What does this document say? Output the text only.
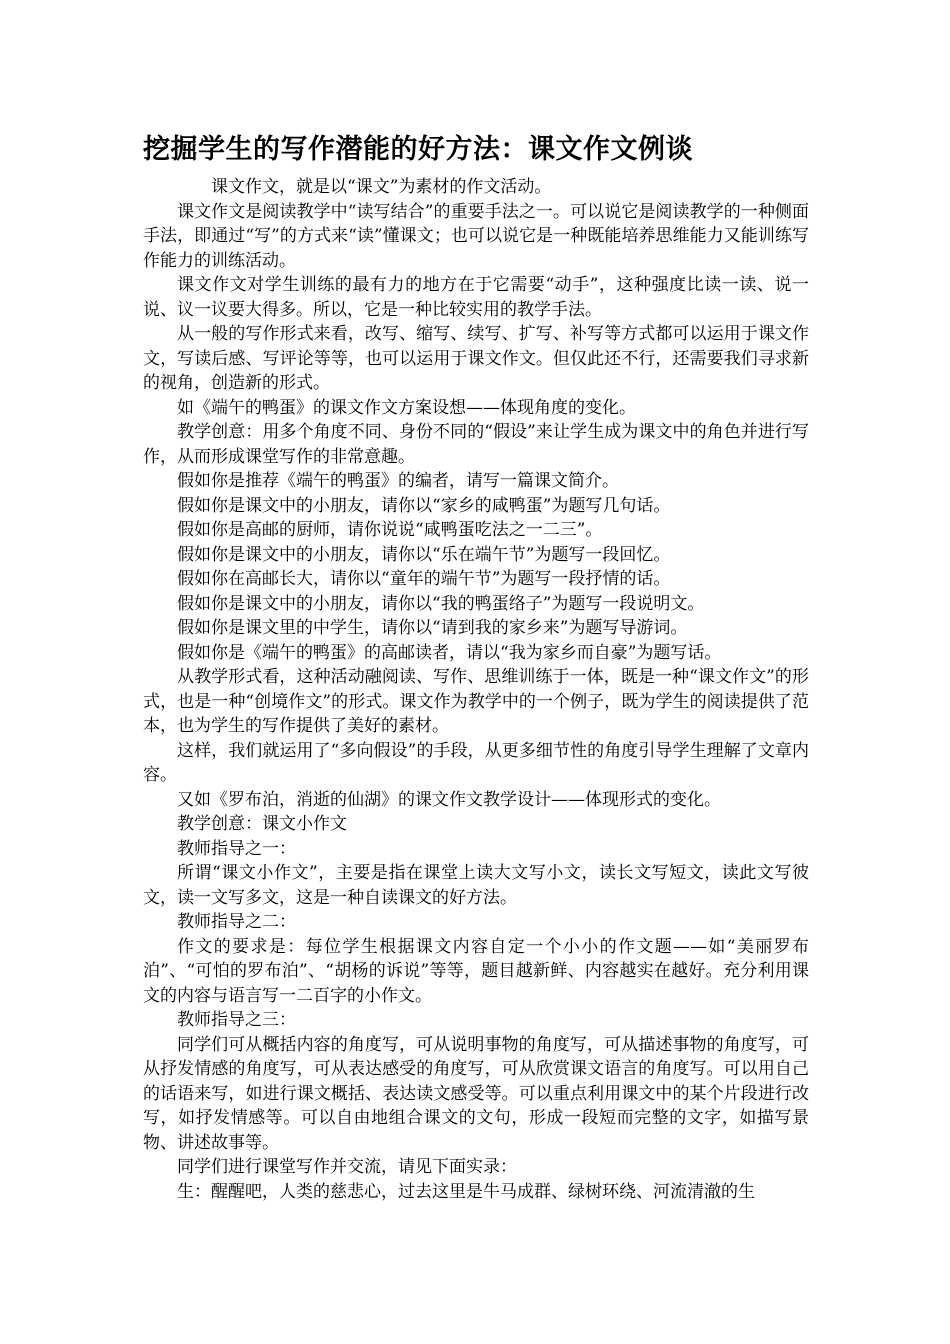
挖掘学生的写作潜能的好方法：课文作文例谈

课文作文，就是以“课文”为素材的作文活动。

课文作文是阅读教学中“读写结合”的重要手法之一。可以说它是阅读教学的一种侧面手法，即通过“写”的方式来“读”懂课文；也可以说它是一种既能培养思维能力又能训练写作能力的训练活动。

课文作文对学生训练的最有力的地方在于它需要“动手”，这种强度比读一读、说一说、议一议要大得多。所以，它是一种比较实用的教学手法。

从一般的写作形式来看，改写、缩写、续写、扩写、补写等方式都可以运用于课文作文，写读后感、写评论等等，也可以运用于课文作文。但仅此还不行，还需要我们寻求新的视角，创造新的形式。

如《端午的鸭蛋》的课文作文方案设想——体现角度的变化。

教学创意：用多个角度不同、身份不同的“假设”来让学生成为课文中的角色并进行写作，从而形成课堂写作的非常意趣。

假如你是推荐《端午的鸭蛋》的编者，请写一篇课文简介。

假如你是课文中的小朋友，请你以“家乡的咸鸭蛋”为题写几句话。

假如你是高邮的厨师，请你说说“咸鸭蛋吃法之一二三”。

假如你是课文中的小朋友，请你以“乐在端午节”为题写一段回忆。

假如你在高邮长大，请你以“童年的端午节”为题写一段抒情的话。

假如你是课文中的小朋友，请你以“我的鸭蛋络子”为题写一段说明文。

假如你是课文里的中学生，请你以“请到我的家乡来”为题写导游词。

假如你是《端午的鸭蛋》的高邮读者，请以“我为家乡而自豪”为题写话。

从教学形式看，这种活动融阅读、写作、思维训练于一体，既是一种“课文作文”的形式，也是一种“创境作文”的形式。课文作为教学中的一个例子，既为学生的阅读提供了范本，也为学生的写作提供了美好的素材。

这样，我们就运用了“多向假设”的手段，从更多细节性的角度引导学生理解了文章内容。

又如《罗布泊，消逝的仙湖》的课文作文教学设计——体现形式的变化。

教学创意：课文小作文

教师指导之一：

所谓“课文小作文”，主要是指在课堂上读大文写小文，读长文写短文，读此文写彼文，读一文写多文，这是一种自读课文的好方法。

教师指导之二：

作文的要求是：每位学生根据课文内容自定一个小小的作文题——如“美丽罗布泊”、“可怕的罗布泊”、“胡杨的诉说”等等，题目越新鲜、内容越实在越好。充分利用课文的内容与语言写一二百字的小作文。

教师指导之三：

同学们可从概括内容的角度写，可从说明事物的角度写，可从描述事物的角度写，可从抒发情感的角度写，可从表达感受的角度写，可从欣赏课文语言的角度写。可以用自己的话语来写，如进行课文概括、表达读文感受等。可以重点利用课文中的某个片段进行改写，如抒发情感等。可以自由地组合课文的文句，形成一段短而完整的文字，如描写景物、讲述故事等。

同学们进行课堂写作并交流，请见下面实录：

生：醒醒吧，人类的慈悲心，过去这里是牛马成群、绿树环绕、河流清澈的生
